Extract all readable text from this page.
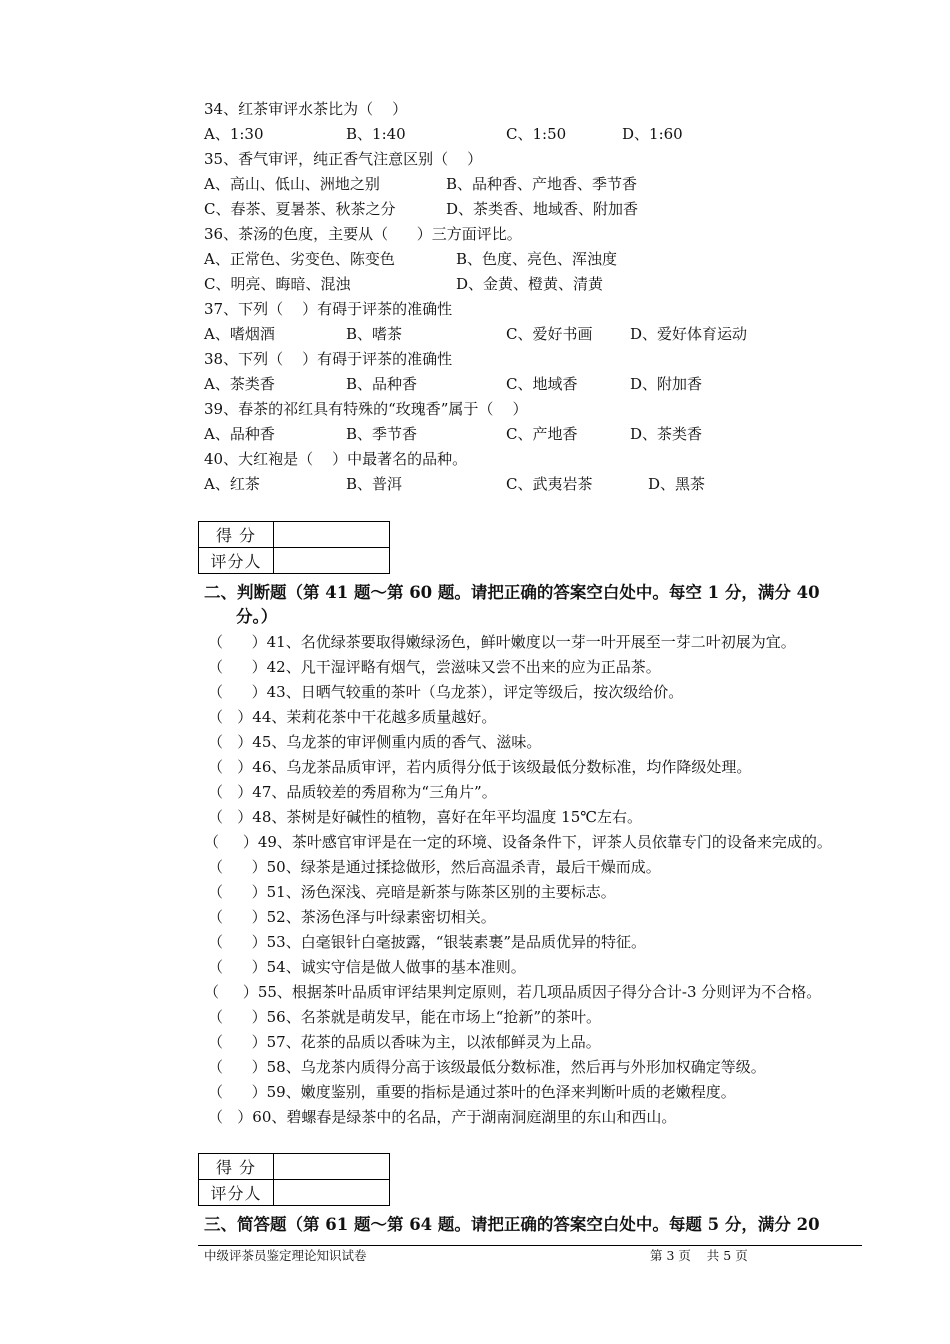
34、红茶审评水茶比为（    ）
A、1:30	B、1:40	C、1:50	D、1:60
35、香气审评，纯正香气注意区别（    ）
A、高山、低山、洲地之别	B、品种香、产地香、季节香
C、春茶、夏暑茶、秋茶之分	D、茶类香、地域香、附加香
36、茶汤的色度，主要从（      ）三方面评比。
A、正常色、劣变色、陈变色	B、色度、亮色、浑浊度
C、明亮、晦暗、混浊	D、金黄、橙黄、清黄
37、下列（    ）有碍于评茶的准确性
A、嗜烟酒	B、嗜茶	C、爱好书画	D、爱好体育运动
38、下列（    ）有碍于评茶的准确性
A、茶类香	B、品种香	C、地域香	D、附加香
39、春茶的祁红具有特殊的“玫瑰香”属于（    ）
A、品种香	B、季节香	C、产地香	D、茶类香
40、大红袍是（    ）中最著名的品种。
A、红茶	B、普洱	C、武夷岩茶	D、黑茶
得 分	
评分人	
二、判断题（第 41 题～第 60 题。请把正确的答案空白处中。每空 1 分，满分 40
分。）
（      ）41、名优绿茶要取得嫩绿汤色，鲜叶嫩度以一芽一叶开展至一芽二叶初展为宜。
（      ）42、凡干湿评略有烟气，尝滋味又尝不出来的应为正品茶。
（      ）43、日晒气较重的茶叶（乌龙茶），评定等级后，按次级给价。
（   ）44、茉莉花茶中干花越多质量越好。
（   ）45、乌龙茶的审评侧重内质的香气、滋味。
（   ）46、乌龙茶品质审评，若内质得分低于该级最低分数标准，均作降级处理。
（   ）47、品质较差的秀眉称为“三角片”。
（   ）48、茶树是好碱性的植物，喜好在年平均温度 15℃左右。
（     ）49、茶叶感官审评是在一定的环境、设备条件下，评茶人员依靠专门的设备来完成的。
（      ）50、绿茶是通过揉捻做形，然后高温杀青，最后干燥而成。
（      ）51、汤色深浅、亮暗是新茶与陈茶区别的主要标志。
（      ）52、茶汤色泽与叶绿素密切相关。
（      ）53、白毫银针白毫披露，“银装素裹”是品质优异的特征。
（      ）54、诚实守信是做人做事的基本准则。
（     ）55、根据茶叶品质审评结果判定原则，若几项品质因子得分合计-3 分则评为不合格。
（      ）56、名茶就是萌发早，能在市场上“抢新”的茶叶。
（      ）57、花茶的品质以香味为主，以浓郁鲜灵为上品。
（      ）58、乌龙茶内质得分高于该级最低分数标准，然后再与外形加权确定等级。
（      ）59、嫩度鉴别，重要的指标是通过茶叶的色泽来判断叶质的老嫩程度。
（   ）60、碧螺春是绿茶中的名品，产于湖南洞庭湖里的东山和西山。
得 分	
评分人	
三、简答题（第 61 题～第 64 题。请把正确的答案空白处中。每题 5 分，满分 20
中级评茶员鉴定理论知识试卷	第 3 页    共 5 页
